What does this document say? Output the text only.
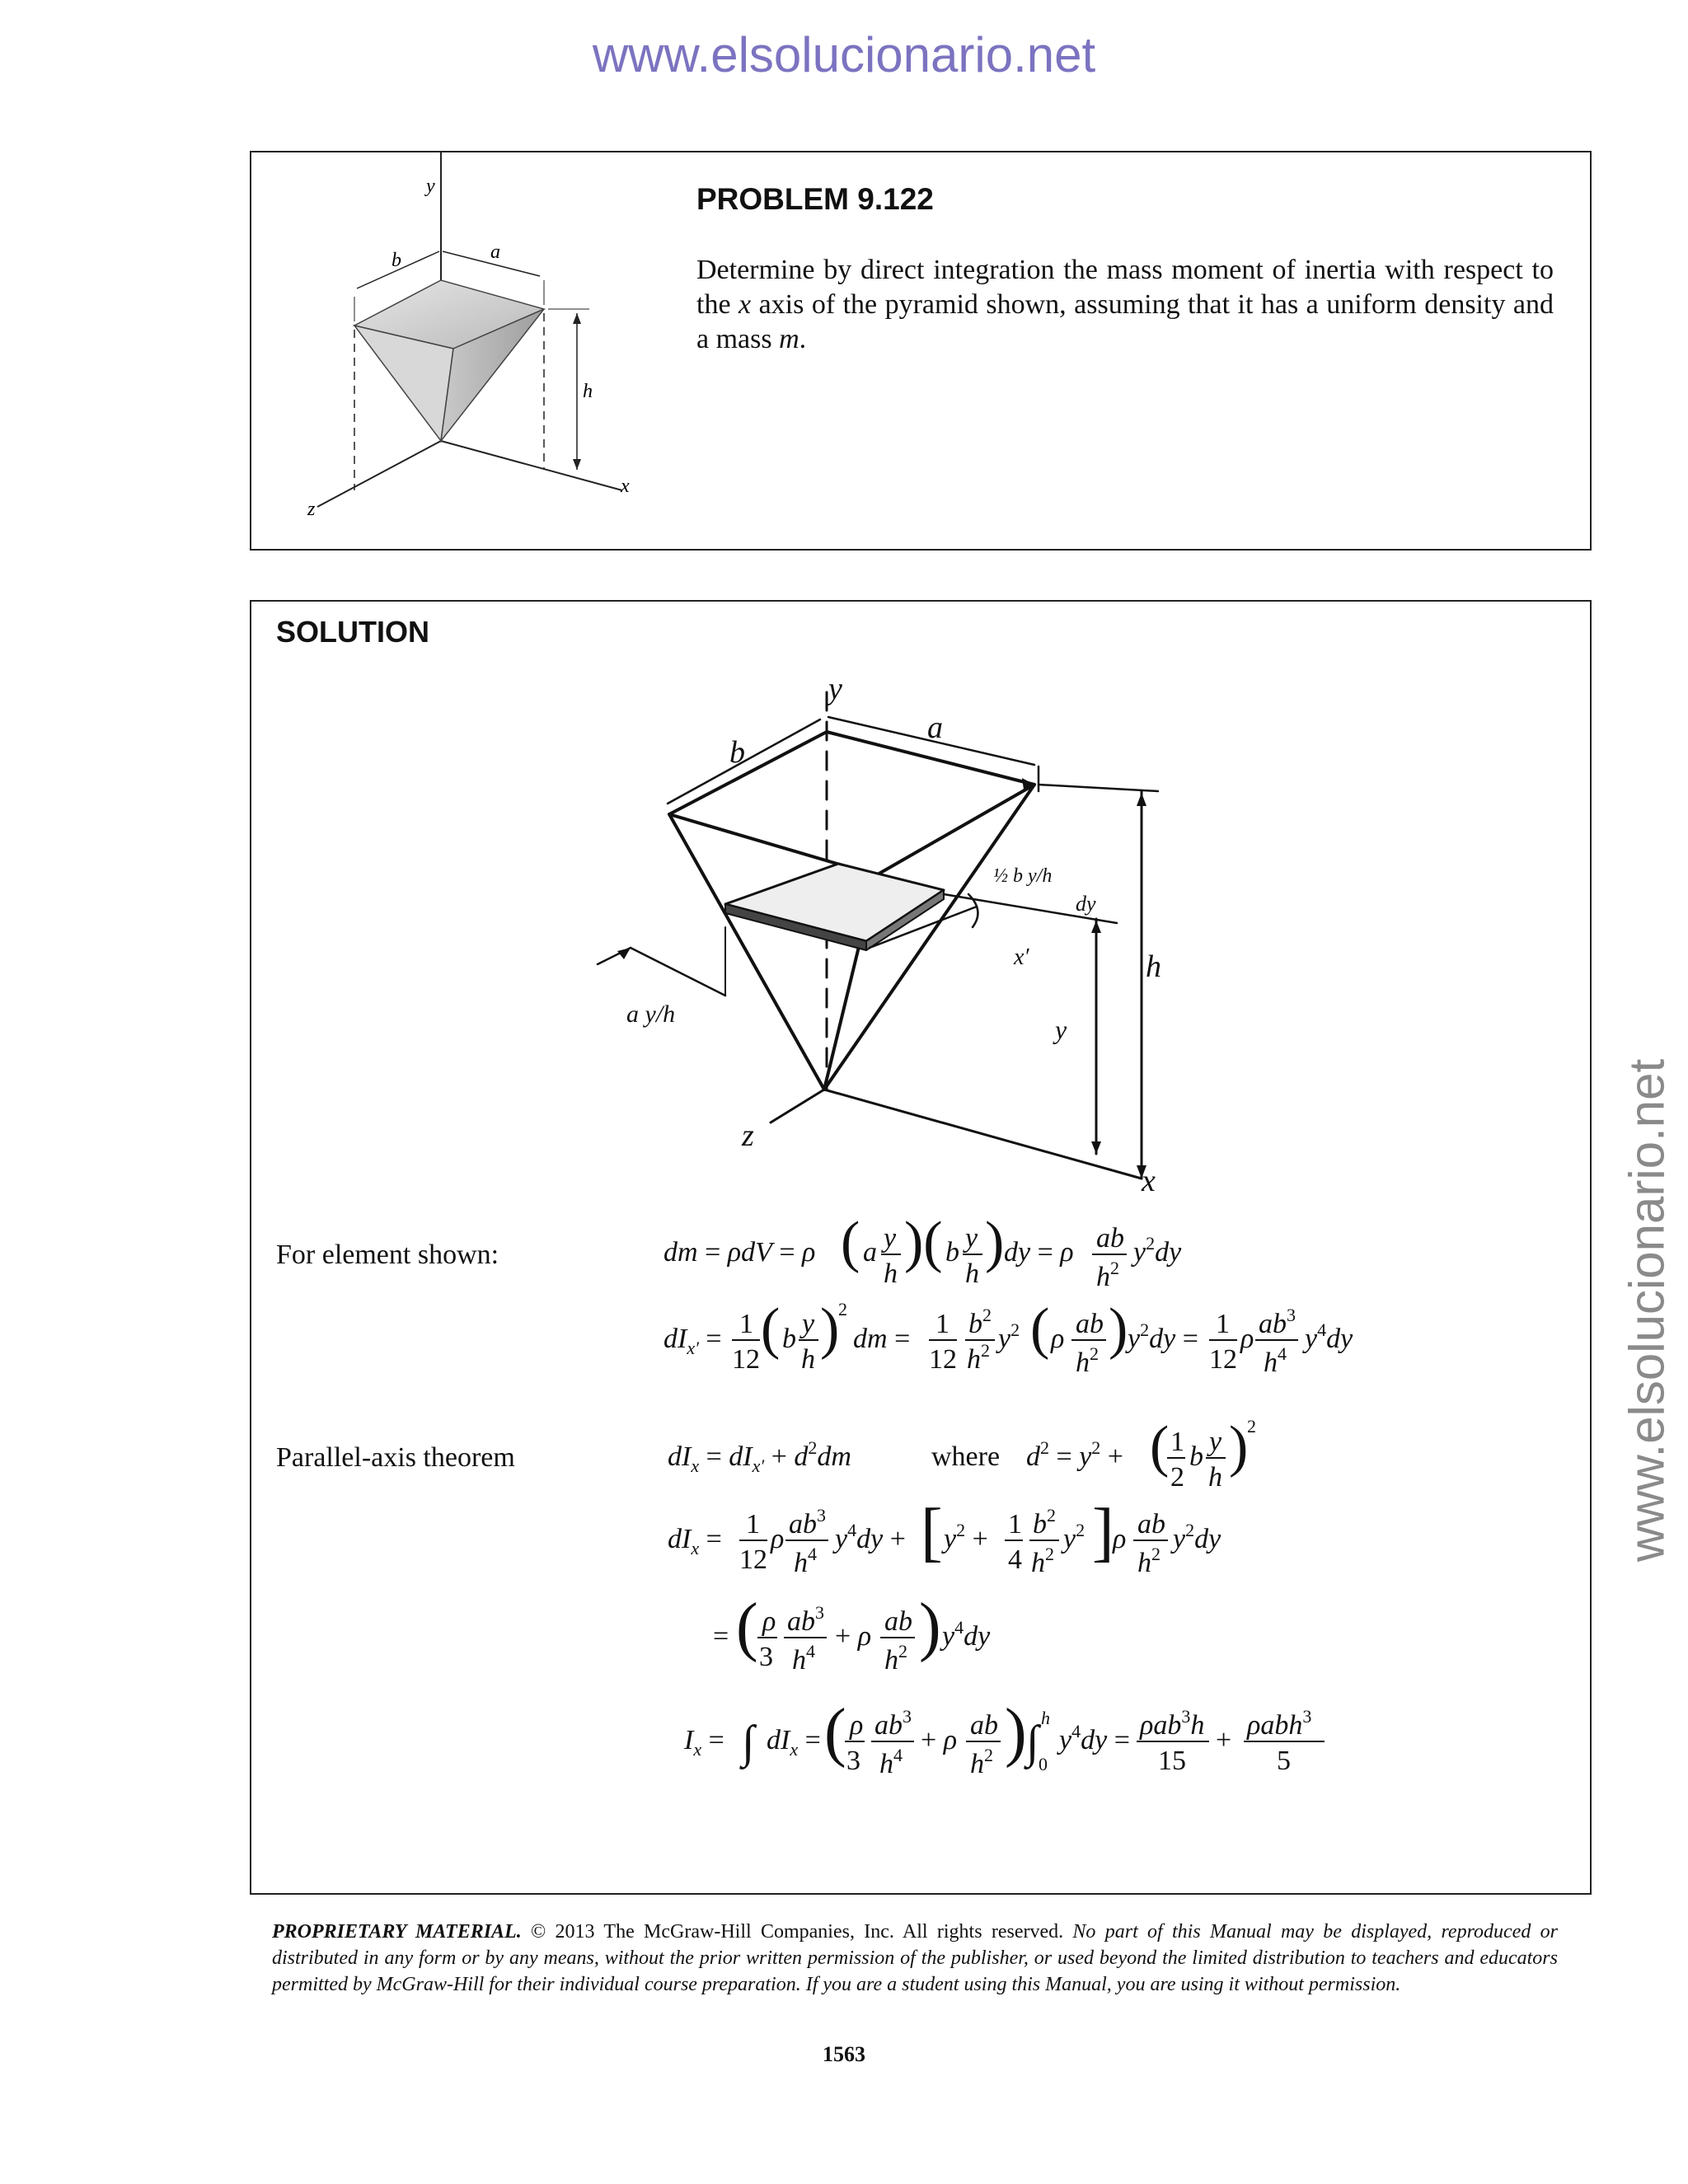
www.elsolucionario.net
www.elsolucionario.net
y
b	a
h
x
z
PROBLEM 9.122
Determine by direct integration the mass moment of inertia with respect to the x axis of the pyramid shown, assuming that it has a uniform density and a mass m.
SOLUTION
y
a
b
h
a y/h
½ b y/h
dy
x′
y
z
x
For element shown:
Parallel-axis theorem
dm = ρdV = ρ ( a y
h )( b y
h ) dy = ρ ab
$h^2$
$y^2dy$
$dI_{x'} = 1$
12 ( b y
h )
2
dm = 1
12
$b^2$
$h^2$ $y^2$ ( ρ ab
$h^2$ ) $y^2dy = 1$
12
ρ $ab^3$
$h^4$ $y^4dy$
$dI_x = dI_{x'} + d^2dm$	where $d^2 = y^2$ + ( 1
2
b y
h )
2
$dI_x = 1$
12
ρ $ab^3$
$h^4$ $y^4dy$ + [ $y^2 + 1$
4
$b^2$
$h^2$ $y^2$ ]
ρ ab
$h^2$ $y^2dy$
= ( ρ
3
$ab^3$
$h^4 + \rho$ ab
$h^2$ ) $y^4dy$
$I_x$ = ∫ $dI_x$ = ( ρ
3
$ab^3$
$h^4 + \rho$ ab
$h^2$ ) ∫ h
0
$y^4dy = \rho ab^3h$
15
+ ρabh$^3$
5
PROPRIETARY MATERIAL. © 2013 The McGraw-Hill Companies, Inc. All rights reserved. No part of this Manual may be displayed, reproduced or distributed in any form or by any means, without the prior written permission of the publisher, or used beyond the limited distribution to teachers and educators permitted by McGraw-Hill for their individual course preparation. If you are a student using this Manual, you are using it without permission.
1563
